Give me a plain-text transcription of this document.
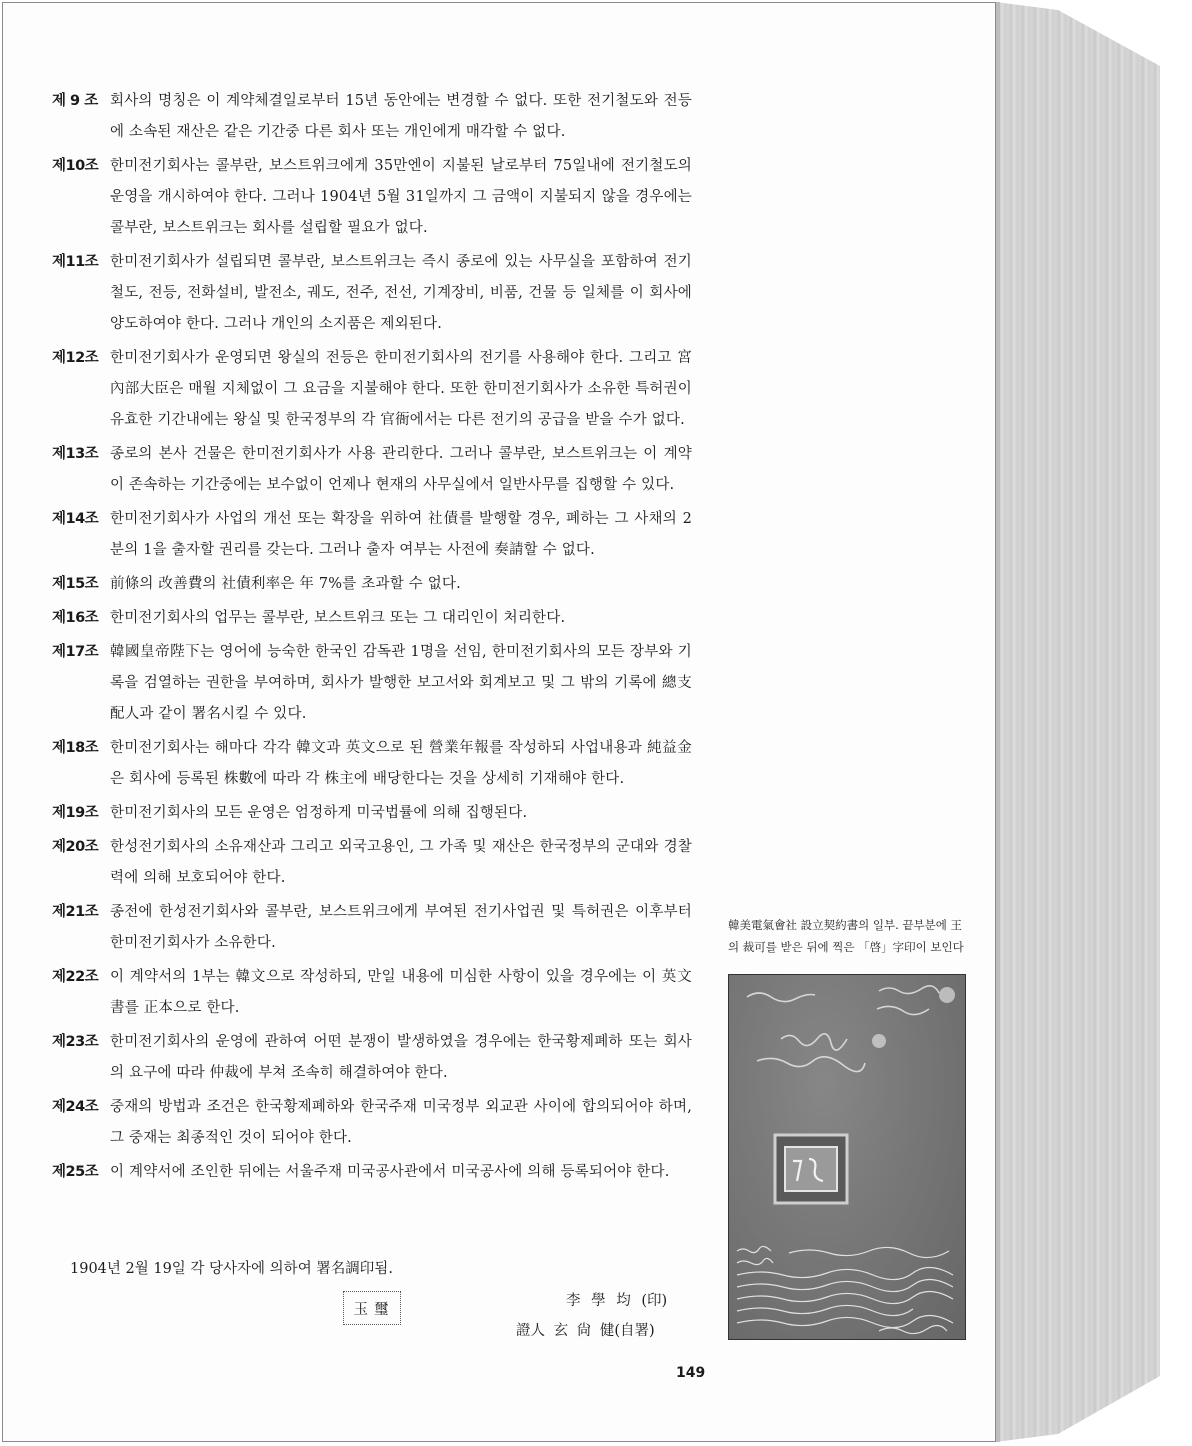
제 9 조 회사의 명칭은 이 계약체결일로부터 15년 동안에는 변경할 수 없다. 또한 전기철도와 전등에 소속된 재산은 같은 기간중 다른 회사 또는 개인에게 매각할 수 없다.
제10조 한미전기회사는 콜부란, 보스트위크에게 35만엔이 지불된 날로부터 75일내에 전기철도의 운영을 개시하여야 한다. 그러나 1904년 5월 31일까지 그 금액이 지불되지 않을 경우에는 콜부란, 보스트위크는 회사를 설립할 필요가 없다.
제11조 한미전기회사가 설립되면 콜부란, 보스트위크는 즉시 종로에 있는 사무실을 포함하여 전기철도, 전등, 전화설비, 발전소, 궤도, 전주, 전선, 기계장비, 비품, 건물 등 일체를 이 회사에 양도하여야 한다. 그러나 개인의 소지품은 제외된다.
제12조 한미전기회사가 운영되면 왕실의 전등은 한미전기회사의 전기를 사용해야 한다. 그리고 宮內部大臣은 매월 지체없이 그 요금을 지불해야 한다. 또한 한미전기회사가 소유한 특허권이 유효한 기간내에는 왕실 및 한국정부의 각 官衙에서는 다른 전기의 공급을 받을 수가 없다.
제13조 종로의 본사 건물은 한미전기회사가 사용 관리한다. 그러나 콜부란, 보스트위크는 이 계약이 존속하는 기간중에는 보수없이 언제나 현재의 사무실에서 일반사무를 집행할 수 있다.
제14조 한미전기회사가 사업의 개선 또는 확장을 위하여 社債를 발행할 경우, 폐하는 그 사채의 2분의 1을 출자할 권리를 갖는다. 그러나 출자 여부는 사전에 奏請할 수 없다.
제15조 前條의 改善費의 社債利率은 年 7%를 초과할 수 없다.
제16조 한미전기회사의 업무는 콜부란, 보스트위크 또는 그 대리인이 처리한다.
제17조 韓國皇帝陛下는 영어에 능숙한 한국인 감독관 1명을 선임, 한미전기회사의 모든 장부와 기록을 검열하는 권한을 부여하며, 회사가 발행한 보고서와 회계보고 및 그 밖의 기록에 總支配人과 같이 署名시킬 수 있다.
제18조 한미전기회사는 해마다 각각 韓文과 英文으로 된 營業年報를 작성하되 사업내용과 純益金은 회사에 등록된 株數에 따라 각 株主에 배당한다는 것을 상세히 기재해야 한다.
제19조 한미전기회사의 모든 운영은 엄정하게 미국법률에 의해 집행된다.
제20조 한성전기회사의 소유재산과 그리고 외국고용인, 그 가족 및 재산은 한국정부의 군대와 경찰력에 의해 보호되어야 한다.
제21조 종전에 한성전기회사와 콜부란, 보스트위크에게 부여된 전기사업권 및 특허권은 이후부터 한미전기회사가 소유한다.
제22조 이 계약서의 1부는 韓文으로 작성하되, 만일 내용에 미심한 사항이 있을 경우에는 이 英文書를 正本으로 한다.
제23조 한미전기회사의 운영에 관하여 어떤 분쟁이 발생하였을 경우에는 한국황제폐하 또는 회사의 요구에 따라 仲裁에 부쳐 조속히 해결하여야 한다.
제24조 중재의 방법과 조건은 한국황제폐하와 한국주재 미국정부 외교관 사이에 합의되어야 하며, 그 중재는 최종적인 것이 되어야 한다.
제25조 이 계약서에 조인한 뒤에는 서울주재 미국공사관에서 미국공사에 의해 등록되어야 한다.
1904년 2월 19일 각 당사자에 의하여 署名調印됨.
玉璽
李 學 均 (印)
證人 玄 尙 健(自署)
149
韓美電氣會社 設立契約書의 일부. 끝부분에 王의 裁可를 받은 뒤에 찍은 「啓」字印이 보인다
